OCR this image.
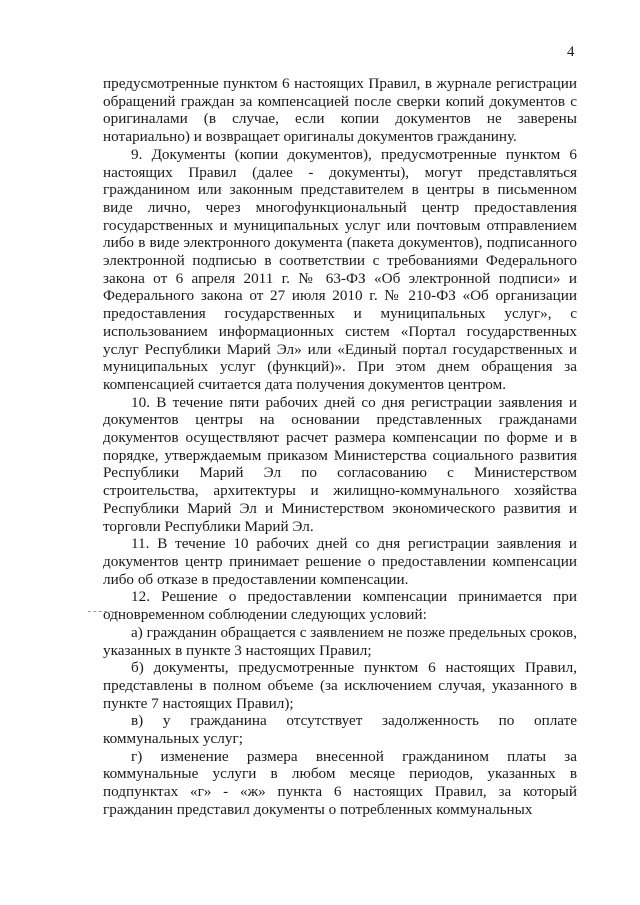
4

предусмотренные пунктом 6 настоящих Правил, в журнале регистрации обращений граждан за компенсацией после сверки копий документов с оригиналами (в случае, если копии документов не заверены нотариально) и возвращает оригиналы документов гражданину.

9. Документы (копии документов), предусмотренные пунктом 6 настоящих Правил (далее - документы), могут представляться гражданином или законным представителем в центры в письменном виде лично, через многофункциональный центр предоставления государственных и муниципальных услуг или почтовым отправлением либо в виде электронного документа (пакета документов), подписанного электронной подписью в соответствии с требованиями Федерального закона от 6 апреля 2011 г. № 63-ФЗ «Об электронной подписи» и Федерального закона от 27 июля 2010 г. № 210-ФЗ «Об организации предоставления государственных и муниципальных услуг», с использованием информационных систем «Портал государственных услуг Республики Марий Эл» или «Единый портал государственных и муниципальных услуг (функций)». При этом днем обращения за компенсацией считается дата получения документов центром.

10. В течение пяти рабочих дней со дня регистрации заявления и документов центры на основании представленных гражданами документов осуществляют расчет размера компенсации по форме и в порядке, утверждаемым приказом Министерства социального развития Республики Марий Эл по согласованию с Министерством строительства, архитектуры и жилищно-коммунального хозяйства Республики Марий Эл и Министерством экономического развития и торговли Республики Марий Эл.

11. В течение 10 рабочих дней со дня регистрации заявления и документов центр принимает решение о предоставлении компенсации либо об отказе в предоставлении компенсации.

12. Решение о предоставлении компенсации принимается при одновременном соблюдении следующих условий:

а) гражданин обращается с заявлением не позже предельных сроков, указанных в пункте 3 настоящих Правил;

б) документы, предусмотренные пунктом 6 настоящих Правил, представлены в полном объеме (за исключением случая, указанного в пункте 7 настоящих Правил);

в) у гражданина отсутствует задолженность по оплате коммунальных услуг;

г) изменение размера внесенной гражданином платы за коммунальные услуги в любом месяце периодов, указанных в подпунктах «г» - «ж» пункта 6 настоящих Правил, за который гражданин представил документы о потребленных коммунальных
